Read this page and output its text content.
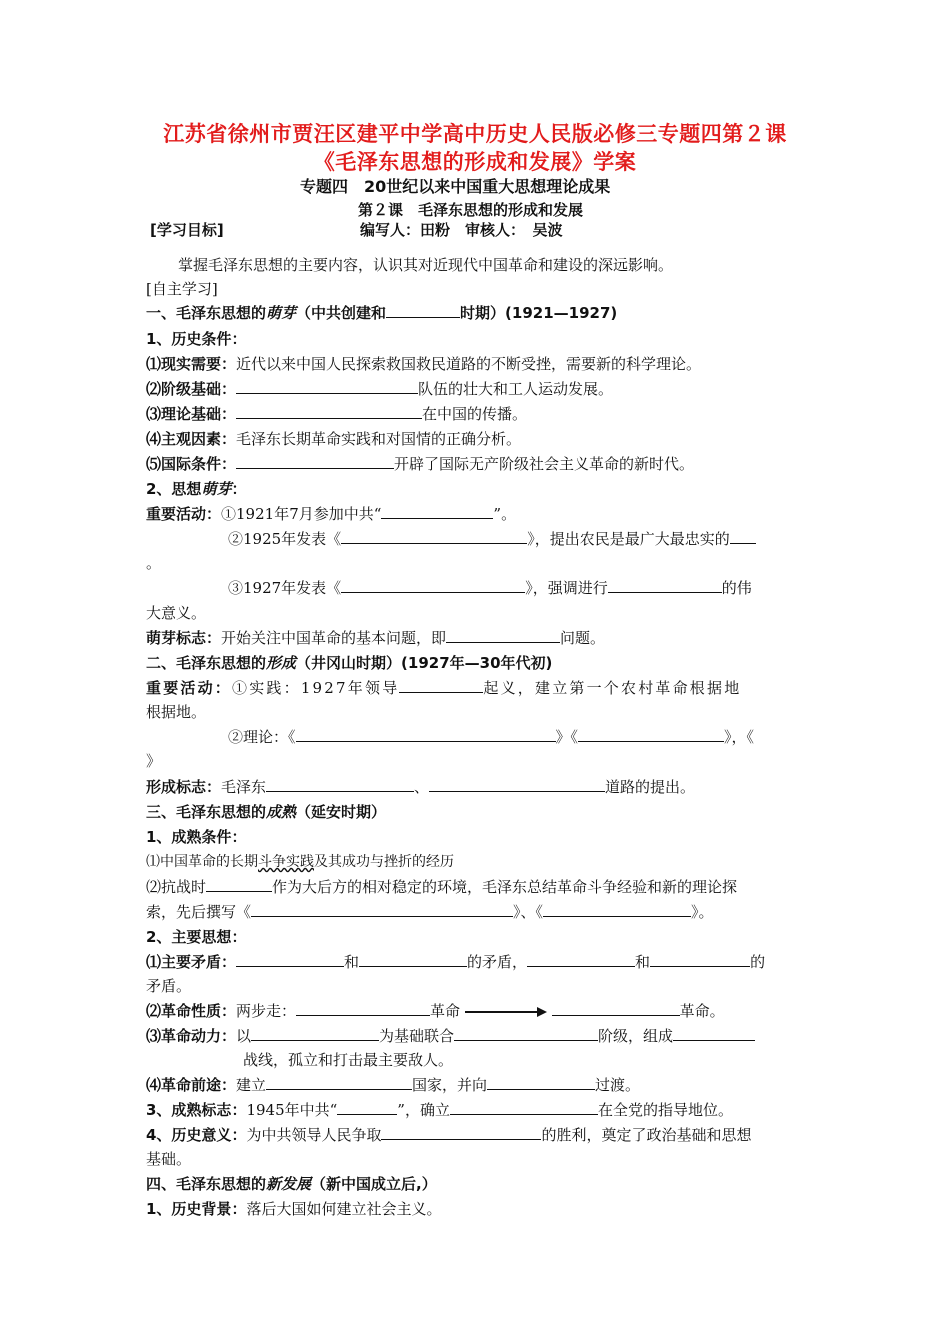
江苏省徐州市贾汪区建平中学高中历史人民版必修三专题四第２课
《毛泽东思想的形成和发展》学案
专题四　20世纪以来中国重大思想理论成果
第２课　毛泽东思想的形成和发展
[学习目标]	编写人：田粉　审核人：　吴波
掌握毛泽东思想的主要内容，认识其对近现代中国革命和建设的深远影响。
[自主学习]
一、毛泽东思想的萌芽（中共创建和	时期）(1921—1927)
1、历史条件：
⑴现实需要：近代以来中国人民探索救国救民道路的不断受挫，需要新的科学理论。
⑵阶级基础：	队伍的壮大和工人运动发展。
⑶理论基础：	在中国的传播。
⑷主观因素：毛泽东长期革命实践和对国情的正确分析。
⑸国际条件：	开辟了国际无产阶级社会主义革命的新时代。
2、思想萌芽：
重要活动：①1921年7月参加中共“	”。
②1925年发表《	》，提出农民是最广大最忠实的
。
③1927年发表《	》，强调进行	的伟
大意义。
萌芽标志：开始关注中国革命的基本问题，即	问题。
二、毛泽东思想的形成（井冈山时期）(1927年—30年代初)
重要活动：①实践：1927年领导	起义，建立第一个农村革命根据地
根据地。
②理论：《	》《	》，《
》
形成标志：毛泽东	、	道路的提出。
三、毛泽东思想的成熟（延安时期）
1、成熟条件：
⑴中国革命的长期斗争实践及其成功与挫折的经历
⑵抗战时	作为大后方的相对稳定的环境，毛泽东总结革命斗争经验和新的理论探
索，先后撰写《	》、《	》。
2、主要思想：
⑴主要矛盾：	和	的矛盾，	和	的
矛盾。
⑵革命性质：两步走：	革命	革命。
⑶革命动力：以	为基础联合	阶级，组成
战线，孤立和打击最主要敌人。
⑷革命前途：建立	国家，并向	过渡。
3、成熟标志：1945年中共“	”，确立	在全党的指导地位。
4、历史意义：为中共领导人民争取	的胜利，奠定了政治基础和思想
基础。
四、毛泽东思想的新发展（新中国成立后,）
1、历史背景：落后大国如何建立社会主义。
